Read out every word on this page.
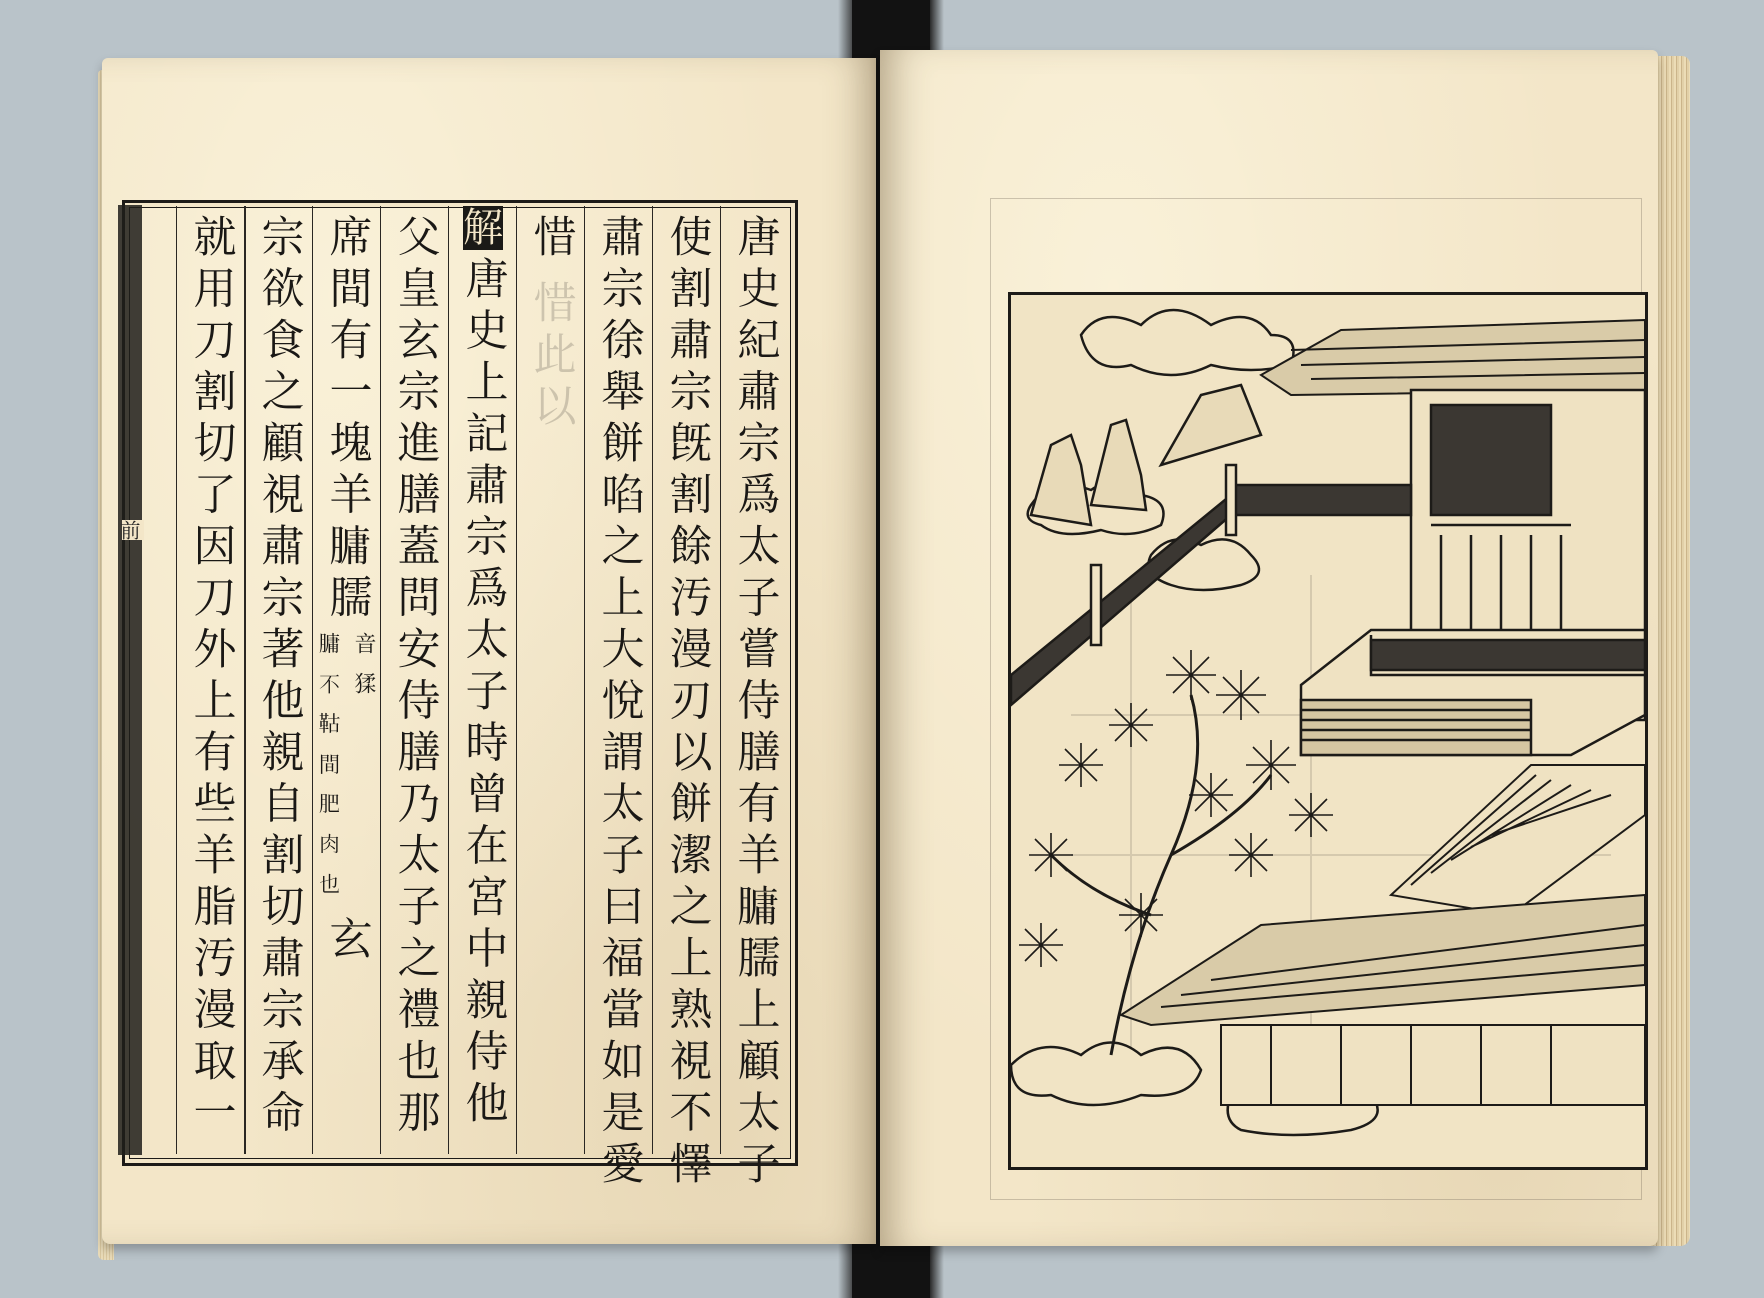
前	唐史紀肅宗爲太子嘗侍膳有羊𦟛臑上顧太子
使割肅宗旣割餘汚漫刃以餅潔之上熟視不懌
肅宗徐舉餅啗之上大悅謂太子曰福當如是愛
惜
惜此以
解
唐史上記肅宗爲太子時曾在宮中親侍他
父皇玄宗進膳蓋問安侍膳乃太子之禮也那
席間有一塊羊𦟛臑
音猱
𦟛不𩊉間肥肉也
玄
宗欲食之顧視肅宗著他親自割切肅宗承命
就用刀割切了因刀外上有些羊脂汚漫取一
